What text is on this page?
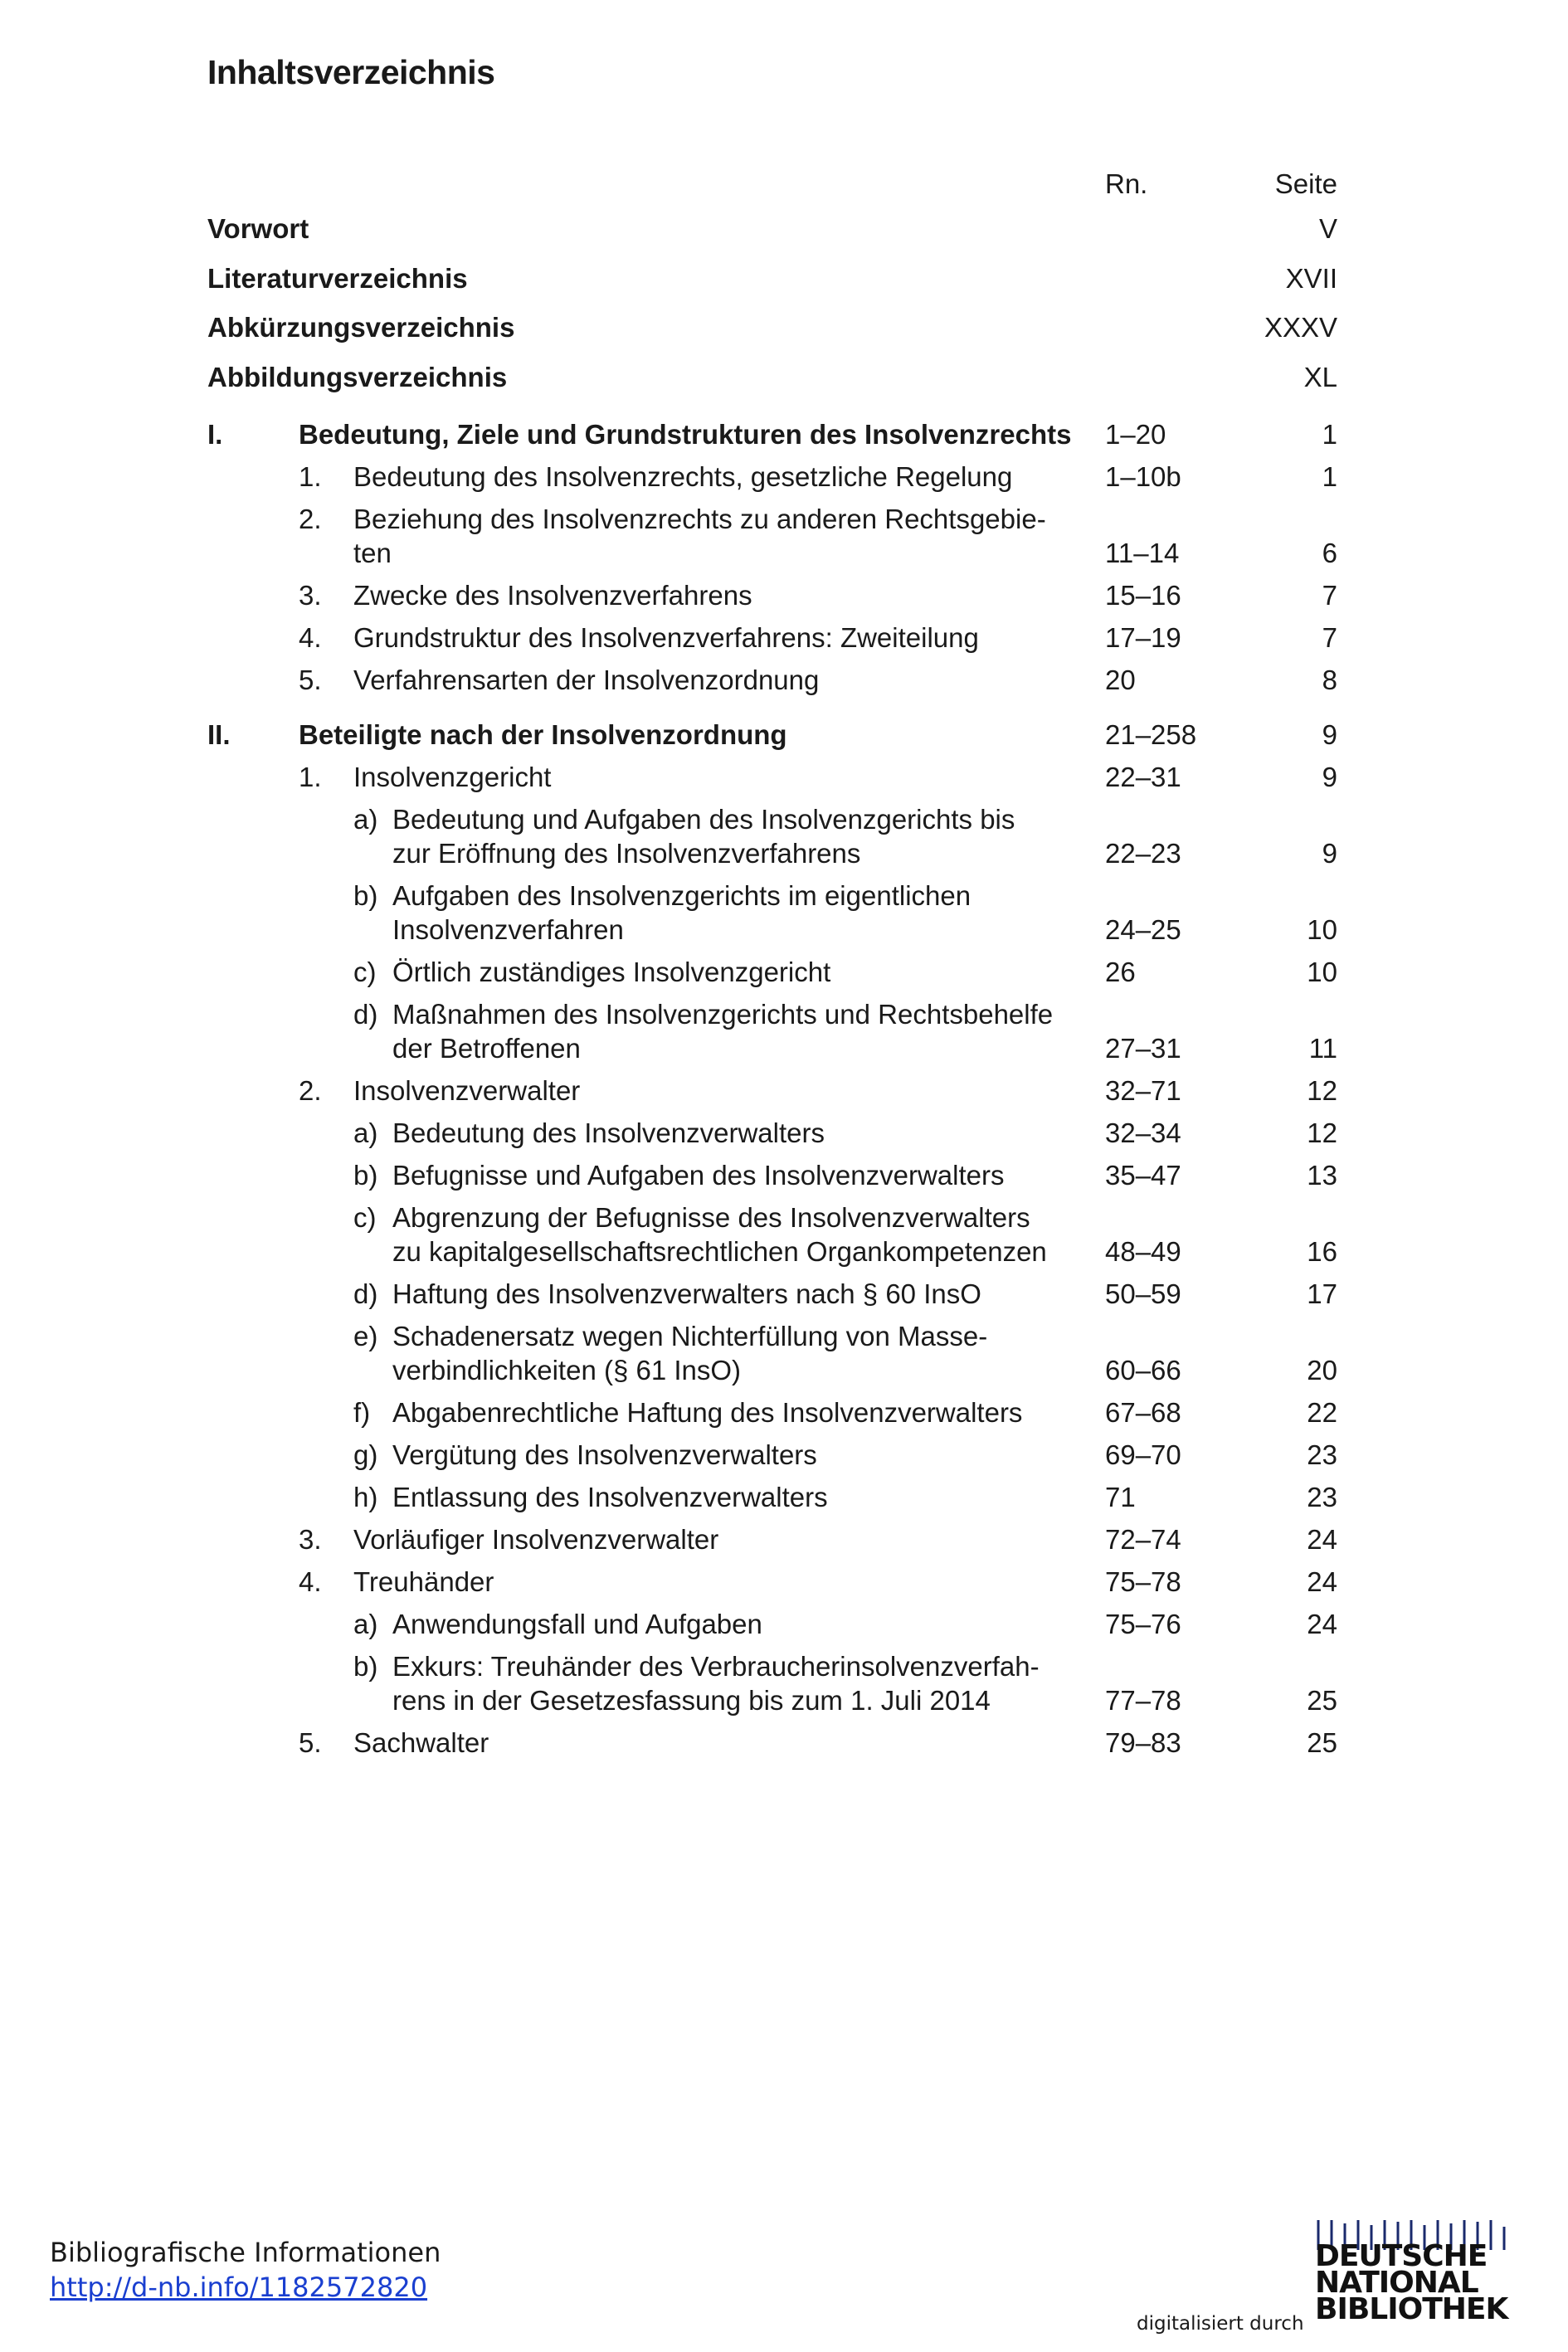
Inhaltsverzeichnis
Rn.	Seite
Vorwort	V
Literaturverzeichnis	XVII
Abkürzungsverzeichnis	XXXV
Abbildungsverzeichnis	XL
I.	Bedeutung, Ziele und Grundstrukturen des Insolvenzrechts 1–20	1
1. Bedeutung des Insolvenzrechts, gesetzliche Regelung	1–10b	1
2. Beziehung des Insolvenzrechts zu anderen Rechtsgebie-
ten	11–14	6
3. Zwecke des Insolvenzverfahrens	15–16	7
4. Grundstruktur des Insolvenzverfahrens: Zweiteilung	17–19	7
5. Verfahrensarten der Insolvenzordnung	20	8
II. Beteiligte nach der Insolvenzordnung	21–258	9
1. Insolvenzgericht	22–31	9
a) Bedeutung und Aufgaben des Insolvenzgerichts bis
zur Eröffnung des Insolvenzverfahrens	22–23	9
b) Aufgaben des Insolvenzgerichts im eigentlichen
Insolvenzverfahren	24–25	10
c) Örtlich zuständiges Insolvenzgericht	26	10
d) Maßnahmen des Insolvenzgerichts und Rechtsbehelfe
der Betroffenen	27–31	11
2. Insolvenzverwalter	32–71	12
a) Bedeutung des Insolvenzverwalters	32–34	12
b) Befugnisse und Aufgaben des Insolvenzverwalters	35–47	13
c) Abgrenzung der Befugnisse des Insolvenzverwalters
zu kapitalgesellschaftsrechtlichen Organkompetenzen 48–49	16
d) Haftung des Insolvenzverwalters nach § 60 InsO	50–59	17
e) Schadenersatz wegen Nichterfüllung von Masse-
verbindlichkeiten (§ 61 InsO)	60–66	20
f) Abgabenrechtliche Haftung des Insolvenzverwalters	67–68	22
g) Vergütung des Insolvenzverwalters	69–70	23
h) Entlassung des Insolvenzverwalters	71	23
3. Vorläufiger Insolvenzverwalter	72–74	24
4. Treuhänder	75–78	24
a) Anwendungsfall und Aufgaben	75–76	24
b) Exkurs: Treuhänder des Verbraucherinsolvenzverfah-
rens in der Gesetzesfassung bis zum 1. Juli 2014	77–78	25
5. Sachwalter	79–83	25
Bibliografische Informationen
http://d-nb.info/1182572820
digitalisiert durch
DEUTSCHE
NATIONAL
BIBLIOTHEK
